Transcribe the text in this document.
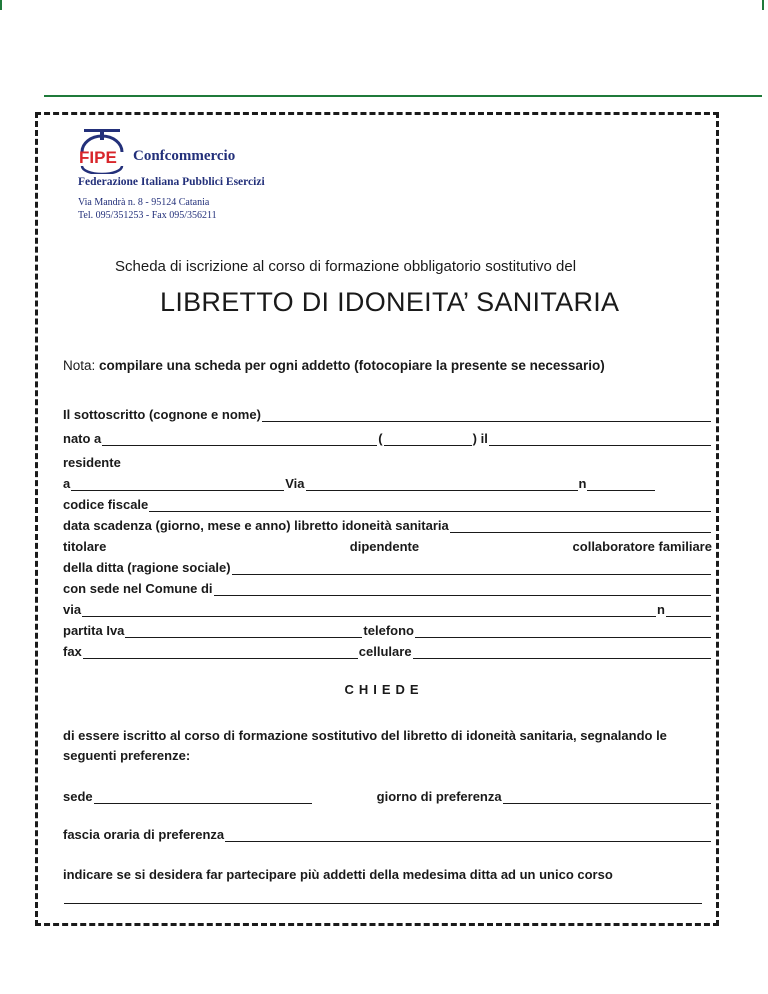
FIPE Confcommercio
Federazione Italiana Pubblici Esercizi
Via Mandrà n. 8 - 95124 Catania
Tel. 095/351253 - Fax 095/356211
Scheda di iscrizione al corso di formazione obbligatorio sostitutivo del
LIBRETTO DI IDONEITA’ SANITARIA
Nota: compilare una scheda per ogni addetto (fotocopiare la presente se necessario)
Il sottoscritto (cognone e nome)
nato a	(	) il
residente
a	Via	n
codice fiscale
data scadenza (giorno, mese e anno) libretto idoneità sanitaria
titolare	dipendente	collaboratore familiare
della ditta (ragione sociale)
con sede nel Comune di
via	n
partita Iva	telefono
fax	cellulare
CHIEDE
di essere iscritto al corso di formazione sostitutivo del libretto di idoneità sanitaria, segnalando le seguenti preferenze:
sede	giorno di preferenza
fascia oraria di preferenza
indicare se si desidera far partecipare più addetti della medesima ditta ad un unico corso
